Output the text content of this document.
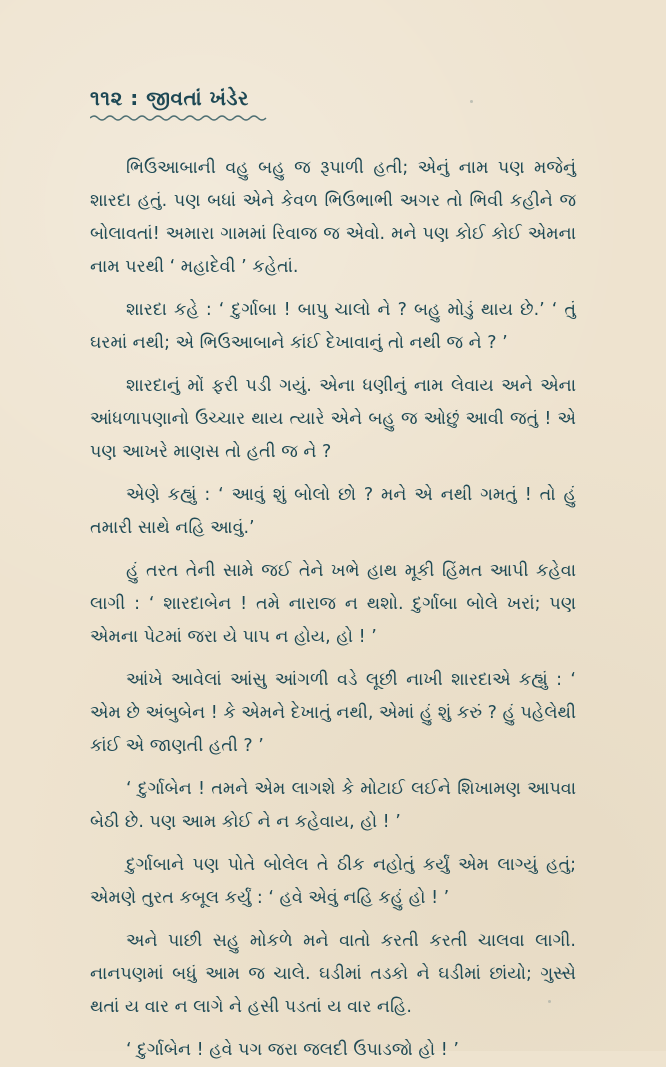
૧૧૨ : જીવતાં ખંડેર

ભિઉઆબાની વહુ બહુ જ રૂપાળી હતી; એનું નામ પણ મજેનું શારદા હતું. પણ બધાં એને કેવળ ભિઉભાભી અગર તો ભિવી કહીને જ બોલાવતાં! અમારા ગામમાં રિવાજ જ એવો. મને પણ કોઈ કોઈ એમના નામ પરથી ‘ મહાદેવી ’ કહેતાં.

શારદા કહે : ‘ દુર્ગાબા ! બાપુ ચાલો ને ? બહુ મોડું થાય છે.’ ‘ તું ઘરમાં નથી; એ ભિઉઆબાને કાંઈ દેખાવાનું તો નથી જ ને ? ’

શારદાનું મોં ફરી પડી ગયું. એના ધણીનું નામ લેવાય અને એના આંધળાપણાનો ઉચ્ચાર થાય ત્યારે એને બહુ જ ઓછું આવી જતું ! એ પણ આખરે માણસ તો હતી જ ને ?

એણે કહ્યું : ‘ આવું શું બોલો છો ? મને એ નથી ગમતું ! તો હું તમારી સાથે નહિ આવું.’

હું તરત તેની સામે જઈ તેને ખભે હાથ મૂકી હિંમત આપી કહેવા લાગી : ‘ શારદાબેન ! તમે નારાજ ન થશો. દુર્ગાબા બોલે ખરાં; પણ એમના પેટમાં જરા યે પાપ ન હોય, હો ! ’

આંખે આવેલાં આંસુ આંગળી વડે લૂછી નાખી શારદાએ કહ્યું : ‘ એમ છે અંબુબેન ! કે એમને દેખાતું નથી, એમાં હું શું કરું ? હું પહેલેથી કાંઈ એ જાણતી હતી ? ’

‘ દુર્ગાબેન ! તમને એમ લાગશે કે મોટાઈ લઈને શિખામણ આપવા બેઠી છે. પણ આમ કોઈ ને ન કહેવાય, હો ! ’

દુર્ગાબાને પણ પોતે બોલેલ તે ઠીક નહોતું કર્યું એમ લાગ્યું હતું; એમણે તુરત કબૂલ કર્યું : ‘ હવે એવું નહિ કહું હો ! ’

અને પાછી સહુ મોકળે મને વાતો કરતી કરતી ચાલવા લાગી. નાનપણમાં બધું આમ જ ચાલે. ઘડીમાં તડકો ને ઘડીમાં છાંયો; ગુસ્સે થતાં ય વાર ન લાગે ને હસી પડતાં ય વાર નહિ.

‘ દુર્ગાબેન ! હવે પગ જરા જલદી ઉપાડજો હો ! ’
